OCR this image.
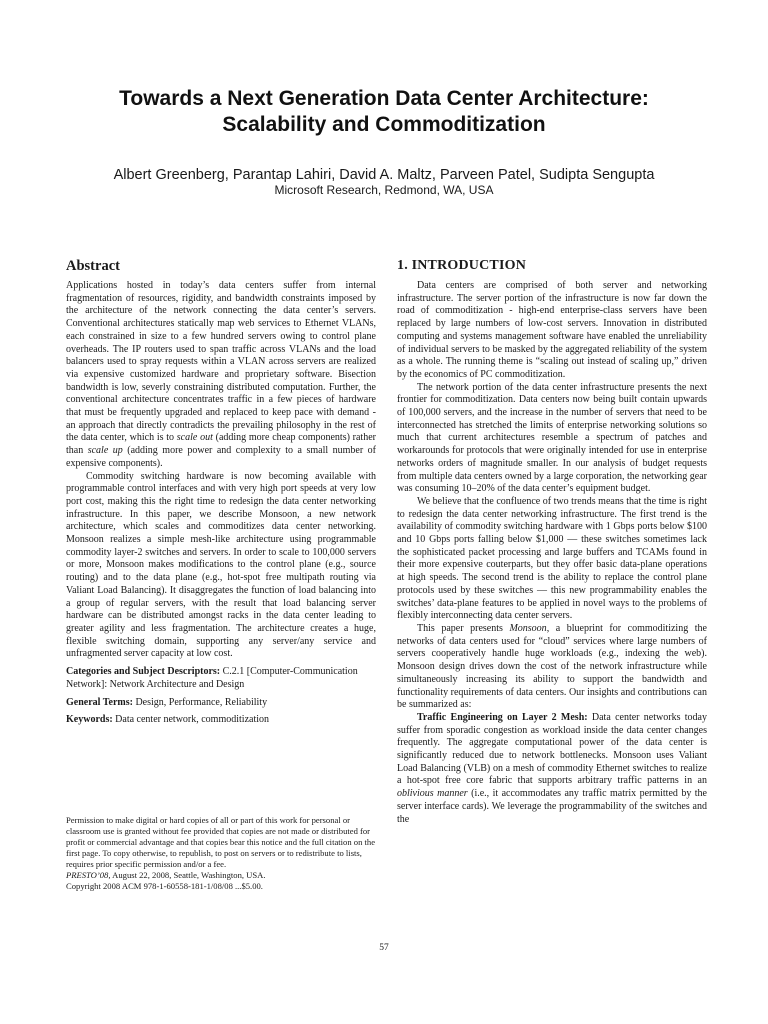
Towards a Next Generation Data Center Architecture:
Scalability and Commoditization
Albert Greenberg, Parantap Lahiri, David A. Maltz, Parveen Patel, Sudipta Sengupta
Microsoft Research, Redmond, WA, USA
Abstract

Applications hosted in today’s data centers suffer from internal fragmentation of resources, rigidity, and bandwidth constraints imposed by the architecture of the network connecting the data center’s servers. Conventional architectures statically map web services to Ethernet VLANs, each constrained in size to a few hundred servers owing to control plane overheads. The IP routers used to span traffic across VLANs and the load balancers used to spray requests within a VLAN across servers are realized via expensive customized hardware and proprietary software. Bisection bandwidth is low, severly constraining distributed computation. Further, the conventional architecture concentrates traffic in a few pieces of hardware that must be frequently upgraded and replaced to keep pace with demand - an approach that directly contradicts the prevailing philosophy in the rest of the data center, which is to scale out (adding more cheap components) rather than scale up (adding more power and complexity to a small number of expensive components).

Commodity switching hardware is now becoming available with programmable control interfaces and with very high port speeds at very low port cost, making this the right time to redesign the data center networking infrastructure. In this paper, we describe Monsoon, a new network architecture, which scales and commoditizes data center networking. Monsoon realizes a simple mesh-like architecture using programmable commodity layer-2 switches and servers. In order to scale to 100,000 servers or more, Monsoon makes modifications to the control plane (e.g., source routing) and to the data plane (e.g., hot-spot free multipath routing via Valiant Load Balancing). It disaggregates the function of load balancing into a group of regular servers, with the result that load balancing server hardware can be distributed amongst racks in the data center leading to greater agility and less fragmentation. The architecture creates a huge, flexible switching domain, supporting any server/any service and unfragmented server capacity at low cost.

Categories and Subject Descriptors: C.2.1 [Computer-Communication Network]: Network Architecture and Design

General Terms: Design, Performance, Reliability

Keywords: Data center network, commoditization

Permission to make digital or hard copies of all or part of this work for personal or classroom use is granted without fee provided that copies are not made or distributed for profit or commercial advantage and that copies bear this notice and the full citation on the first page. To copy otherwise, to republish, to post on servers or to redistribute to lists, requires prior specific permission and/or a fee.
PRESTO’08, August 22, 2008, Seattle, Washington, USA.
Copyright 2008 ACM 978-1-60558-181-1/08/08 ...$5.00.
1. INTRODUCTION

Data centers are comprised of both server and networking infrastructure. The server portion of the infrastructure is now far down the road of commoditization - high-end enterprise-class servers have been replaced by large numbers of low-cost servers. Innovation in distributed computing and systems management software have enabled the unreliability of individual servers to be masked by the aggregated reliability of the system as a whole. The running theme is “scaling out instead of scaling up,” driven by the economics of PC commoditization.

The network portion of the data center infrastructure presents the next frontier for commoditization. Data centers now being built contain upwards of 100,000 servers, and the increase in the number of servers that need to be interconnected has stretched the limits of enterprise networking solutions so much that current architectures resemble a spectrum of patches and workarounds for protocols that were originally intended for use in enterprise networks orders of magnitude smaller. In our analysis of budget requests from multiple data centers owned by a large corporation, the networking gear was consuming 10–20% of the data center’s equipment budget.

We believe that the confluence of two trends means that the time is right to redesign the data center networking infrastructure. The first trend is the availability of commodity switching hardware with 1 Gbps ports below $100 and 10 Gbps ports falling below $1,000 — these switches sometimes lack the sophisticated packet processing and large buffers and TCAMs found in their more expensive couterparts, but they offer basic data-plane operations at high speeds. The second trend is the ability to replace the control plane protocols used by these switches — this new programmability enables the switches’ data-plane features to be applied in novel ways to the problems of flexibly interconnecting data center servers.

This paper presents Monsoon, a blueprint for commoditizing the networks of data centers used for “cloud” services where large numbers of servers cooperatively handle huge workloads (e.g., indexing the web). Monsoon design drives down the cost of the network infrastructure while simultaneously increasing its ability to support the bandwidth and functionality requirements of data centers. Our insights and contributions can be summarized as:

Traffic Engineering on Layer 2 Mesh: Data center networks today suffer from sporadic congestion as workload inside the data center changes frequently. The aggregate computational power of the data center is significantly reduced due to network bottlenecks. Monsoon uses Valiant Load Balancing (VLB) on a mesh of commodity Ethernet switches to realize a hot-spot free core fabric that supports arbitrary traffic patterns in an oblivious manner (i.e., it accommodates any traffic matrix permitted by the server interface cards). We leverage the programmability of the switches and the

57
